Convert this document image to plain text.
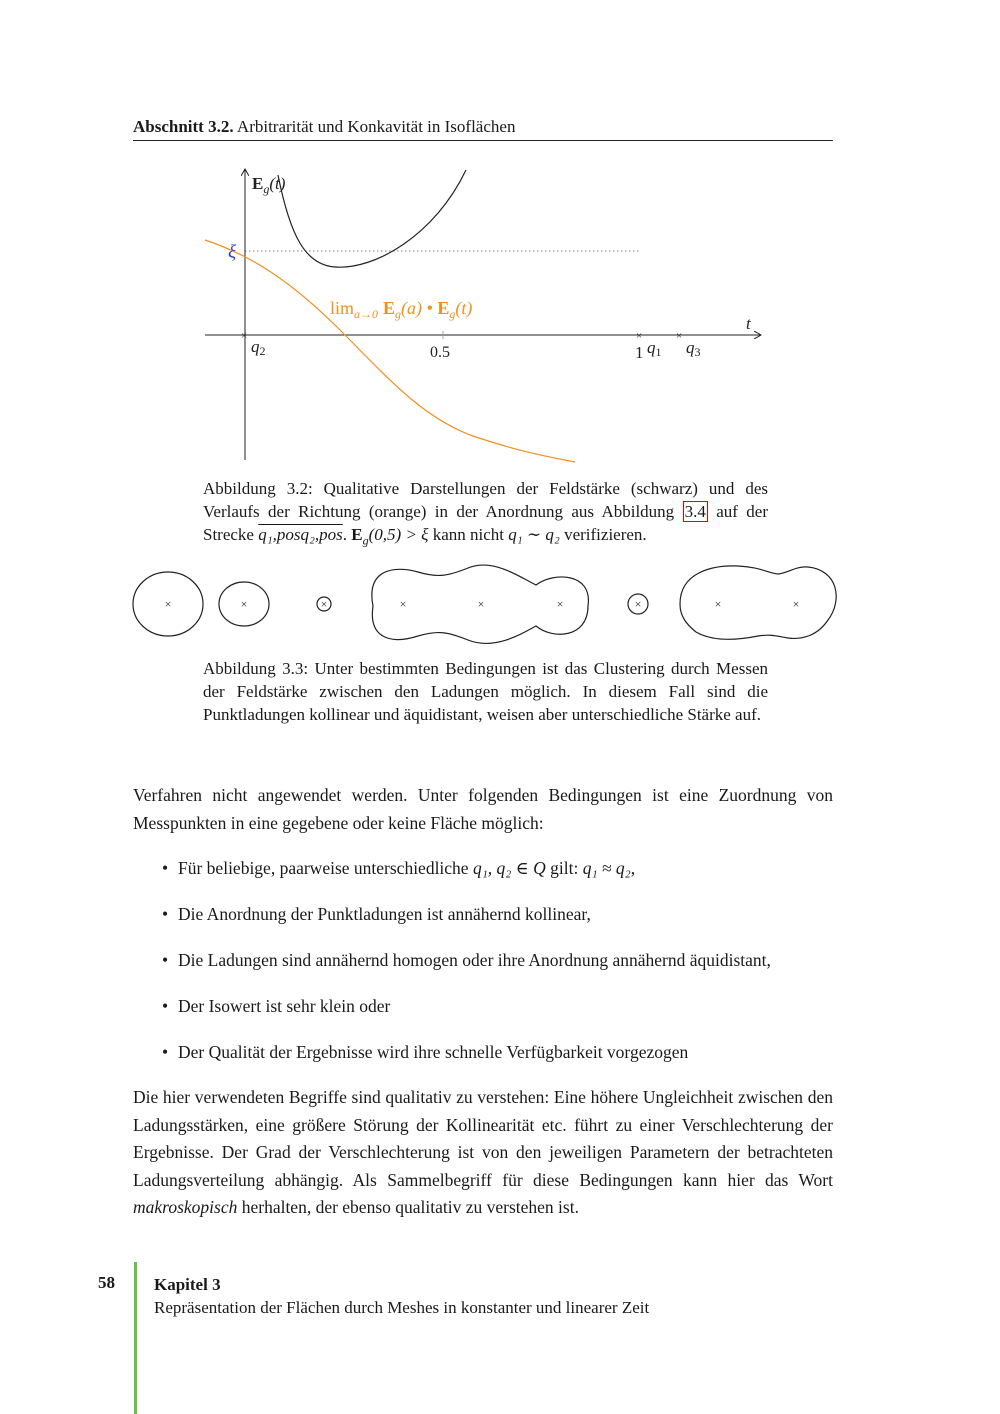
Abschnitt 3.2. Arbitrarität und Konkavität in Isoflächen
×	×	×
$E_g(t)$
t
ξ
$\lim_{a\to 0} E_g(a)$ • $E_g(t)$
0.5	1
q2	q1 q3
Abbildung 3.2: Qualitative Darstellungen der Feldstärke (schwarz) und des Verlaufs der Richtung (orange) in der Anordnung aus Abbildung 3.4 auf der Strecke q₁,posq₂,pos. $E_g(0,5) > \xi$ kann nicht q₁ ∼ q₂ verifizieren.
×	×	×	×	×	×	×	×	×
Abbildung 3.3: Unter bestimmten Bedingungen ist das Clustering durch Messen der Feldstärke zwischen den Ladungen möglich. In diesem Fall sind die Punktladungen kollinear und äquidistant, weisen aber unterschiedliche Stärke auf.
Verfahren nicht angewendet werden. Unter folgenden Bedingungen ist eine Zuordnung von Messpunkten in eine gegebene oder keine Fläche möglich:
• Für beliebige, paarweise unterschiedliche q₁, q₂ ∈ Q gilt: q₁ ≈ q₂,
• Die Anordnung der Punktladungen ist annähernd kollinear,
• Die Ladungen sind annähernd homogen oder ihre Anordnung annähernd äquidistant,
• Der Isowert ist sehr klein oder
• Der Qualität der Ergebnisse wird ihre schnelle Verfügbarkeit vorgezogen
Die hier verwendeten Begriffe sind qualitativ zu verstehen: Eine höhere Ungleichheit zwischen den Ladungsstärken, eine größere Störung der Kollinearität etc. führt zu einer Verschlechterung der Ergebnisse. Der Grad der Verschlechterung ist von den jeweiligen Parametern der betrachteten Ladungsverteilung abhängig. Als Sammelbegriff für diese Bedingungen kann hier das Wort makroskopisch herhalten, der ebenso qualitativ zu verstehen ist.
58 Kapitel 3
Repräsentation der Flächen durch Meshes in konstanter und linearer Zeit
